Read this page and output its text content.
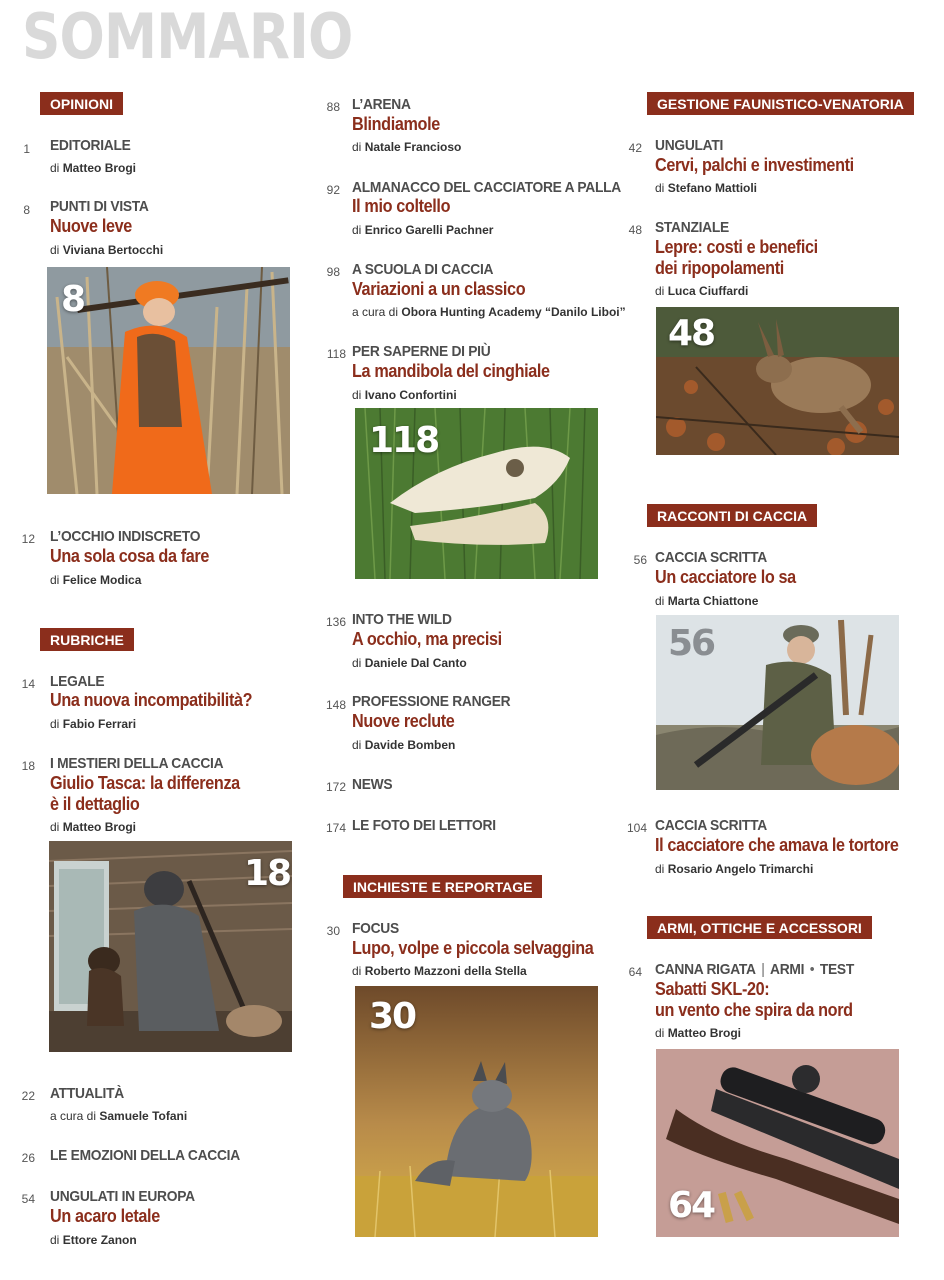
SOMMARIO
OPINIONI
1 EDITORIALE
di Matteo Brogi
8 PUNTI DI VISTA
Nuove leve
di Viviana Bertocchi
8
12 L’OCCHIO INDISCRETO
Una sola cosa da fare
di Felice Modica
RUBRICHE
14 LEGALE
Una nuova incompatibilità?
di Fabio Ferrari
18 I MESTIERI DELLA CACCIA
Giulio Tasca: la differenza
è il dettaglio
di Matteo Brogi
18
22 ATTUALITÀ
a cura di Samuele Tofani
26 LE EMOZIONI DELLA CACCIA
54 UNGULATI IN EUROPA
Un acaro letale
di Ettore Zanon
88 L’ARENA
Blindiamole
di Natale Francioso
92 ALMANACCO DEL CACCIATORE A PALLA
Il mio coltello
di Enrico Garelli Pachner
98 A SCUOLA DI CACCIA
Variazioni a un classico
a cura di Obora Hunting Academy “Danilo Liboi”
118 PER SAPERNE DI PIÙ
La mandibola del cinghiale
di Ivano Confortini
118
136 INTO THE WILD
A occhio, ma precisi
di Daniele Dal Canto
148 PROFESSIONE RANGER
Nuove reclute
di Davide Bomben
172 NEWS
174 LE FOTO DEI LETTORI
INCHIESTE E REPORTAGE
30 FOCUS
Lupo, volpe e piccola selvaggina
di Roberto Mazzoni della Stella
30
GESTIONE FAUNISTICO-VENATORIA
42 UNGULATI
Cervi, palchi e investimenti
di Stefano Mattioli
48 STANZIALE
Lepre: costi e benefici
dei ripopolamenti
di Luca Ciuffardi
48
RACCONTI DI CACCIA
56 CACCIA SCRITTA
Un cacciatore lo sa
di Marta Chiattone
56
104 CACCIA SCRITTA
Il cacciatore che amava le tortore
di Rosario Angelo Trimarchi
ARMI, OTTICHE E ACCESSORI
64 CANNA RIGATA | ARMI • TEST
Sabatti SKL-20:
un vento che spira da nord
di Matteo Brogi
64
